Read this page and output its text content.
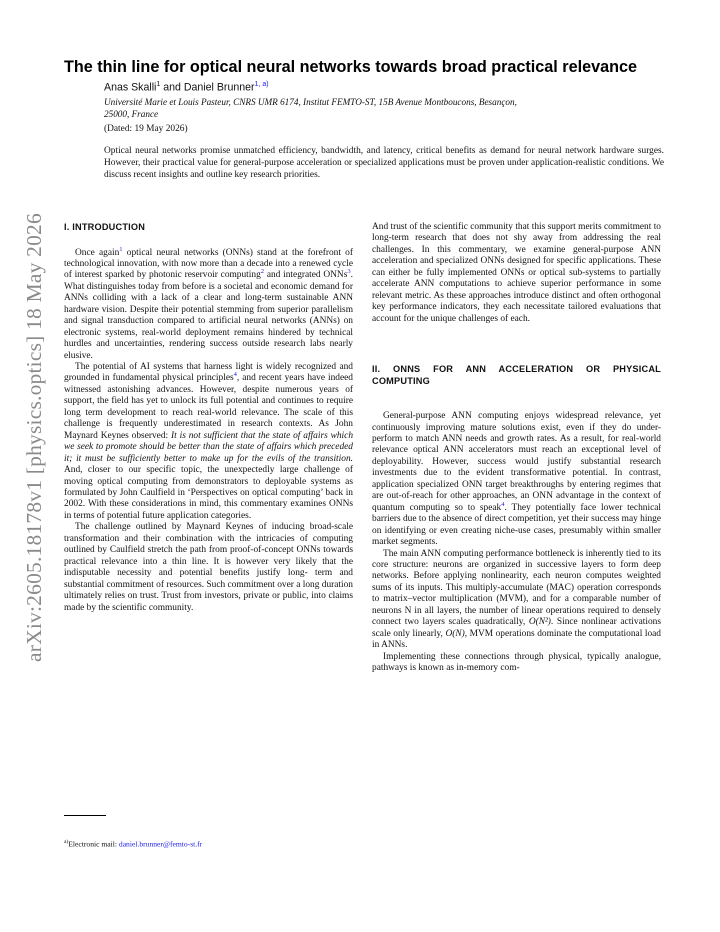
arXiv:2605.18178v1 [physics.optics] 18 May 2026
The thin line for optical neural networks towards broad practical relevance
Anas Skalli$^1$ and Daniel Brunner$^{1, a)}$
Université Marie et Louis Pasteur, CNRS UMR 6174, Institut FEMTO-ST, 15B Avenue Montboucons, Besançon,
25000, France
(Dated: 19 May 2026)
Optical neural networks promise unmatched efficiency, bandwidth, and latency, critical benefits as demand for neural network hardware surges. However, their practical value for general-purpose acceleration or specialized applications must be proven under application-realistic conditions. We discuss recent insights and outline key research priorities.
I. INTRODUCTION

Once again$^1$ optical neural networks (ONNs) stand at the forefront of technological innovation, with now more than a decade into a renewed cycle of interest sparked by photonic reservoir computing$^2$ and integrated ONNs$^3$. What distinguishes today from before is a societal and economic demand for ANNs colliding with a lack of a clear and long-term sustainable ANN hardware vision. Despite their potential stemming from superior parallelism and signal transduction compared to artificial neural networks (ANNs) on electronic systems, real-world deployment remains hindered by technical hurdles and uncertainties, rendering success outside research labs nearly elusive.

The potential of AI systems that harness light is widely recognized and grounded in fundamental physical principles$^4$, and recent years have indeed witnessed astonishing advances. However, despite numerous years of support, the field has yet to unlock its full potential and continues to require long term development to reach real-world relevance. The scale of this challenge is frequently underestimated in research contexts. As John Maynard Keynes observed: It is not sufficient that the state of affairs which we seek to promote should be better than the state of affairs which preceded it; it must be sufficiently better to make up for the evils of the transition. And, closer to our specific topic, the unexpectedly large challenge of moving optical computing from demonstrators to deployable systems as formulated by John Caulfield in ‘Perspectives on optical computing’ back in 2002. With these considerations in mind, this commentary examines ONNs in terms of potential future application categories.

The challenge outlined by Maynard Keynes of inducing broad-scale transformation and their combination with the intricacies of computing outlined by Caulfield stretch the path from proof-of-concept ONNs towards practical relevance into a thin line. It is however very likely that the indisputable necessity and potential benefits justify long- term and substantial commitment of resources. Such commitment over a long duration ultimately relies on trust. Trust from investors, private or public, into claims made by the scientific community.

And trust of the scientific community that this support merits commitment to long-term research that does not shy away from addressing the real challenges. In this commentary, we examine general-purpose ANN acceleration and specialized ONNs designed for specific applications. These can either be fully implemented ONNs or optical sub-systems to partially accelerate ANN computations to achieve superior performance in some relevant metric. As these approaches introduce distinct and often orthogonal key performance indicators, they each necessitate tailored evaluations that account for the unique challenges of each.

II. ONNS FOR ANN ACCELERATION OR PHYSICAL COMPUTING

General-purpose ANN computing enjoys widespread relevance, yet continuously improving mature solutions exist, even if they do under-perform to match ANN needs and growth rates. As a result, for real-world relevance optical ANN accelerators must reach an exceptional level of deployability. However, success would justify substantial research investments due to the evident transformative potential. In contrast, application specialized ONN target breakthroughs by entering regimes that are out-of-reach for other approaches, an ONN advantage in the context of quantum computing so to speak$^4$. They potentially face lower technical barriers due to the absence of direct competition, yet their success may hinge on identifying or even creating niche-use cases, presumably within smaller market segments.

The main ANN computing performance bottleneck is inherently tied to its core structure: neurons are organized in successive layers to form deep networks. Before applying nonlinearity, each neuron computes weighted sums of its inputs. This multiply-accumulate (MAC) operation corresponds to matrix–vector multiplication (MVM), and for a comparable number of neurons N in all layers, the number of linear operations required to densely connect two layers scales quadratically, O(N²). Since nonlinear activations scale only linearly, O(N), MVM operations dominate the computational load in ANNs.

Implementing these connections through physical, typically analogue, pathways is known as in-memory com-

$^{a)}$Electronic mail: daniel.brunner@femto-st.fr
